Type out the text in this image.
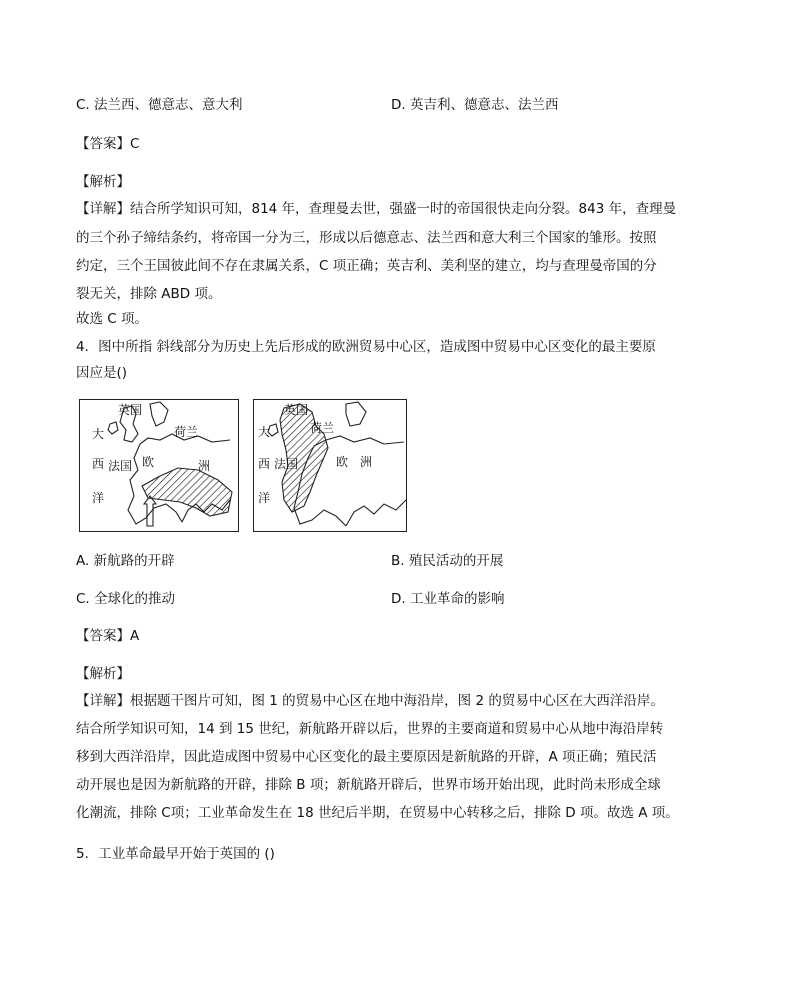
C. 法兰西、德意志、意大利	D. 英吉利、德意志、法兰西
【答案】C
【解析】
【详解】结合所学知识可知，814 年，查理曼去世，强盛一时的帝国很快走向分裂。843 年，查理曼
的三个孙子缔结条约，将帝国一分为三，形成以后德意志、法兰西和意大利三个国家的雏形。按照
约定，三个王国彼此间不存在隶属关系，C 项正确；英吉利、美利坚的建立，均与查理曼帝国的分
裂无关，排除 ABD 项。
故选 C 项。
4．图中所指 斜线部分为历史上先后形成的欧洲贸易中心区，造成图中贸易中心区变化的最主要原
因应是()
英国
荷兰
大
西
洋
法国 欧	洲
英国
荷兰
大
西
洋
法国	欧 洲
A. 新航路的开辟	B. 殖民活动的开展
C. 全球化的推动	D. 工业革命的影响
【答案】A
【解析】
【详解】根据题干图片可知，图 1 的贸易中心区在地中海沿岸，图 2 的贸易中心区在大西洋沿岸。
结合所学知识可知，14 到 15 世纪，新航路开辟以后，世界的主要商道和贸易中心从地中海沿岸转
移到大西洋沿岸，因此造成图中贸易中心区变化的最主要原因是新航路的开辟，A 项正确；殖民活
动开展也是因为新航路的开辟，排除 B 项；新航路开辟后，世界市场开始出现，此时尚未形成全球
化潮流，排除 C项；工业革命发生在 18 世纪后半期，在贸易中心转移之后，排除 D 项。故选 A 项。
5．工业革命最早开始于英国的 ()
